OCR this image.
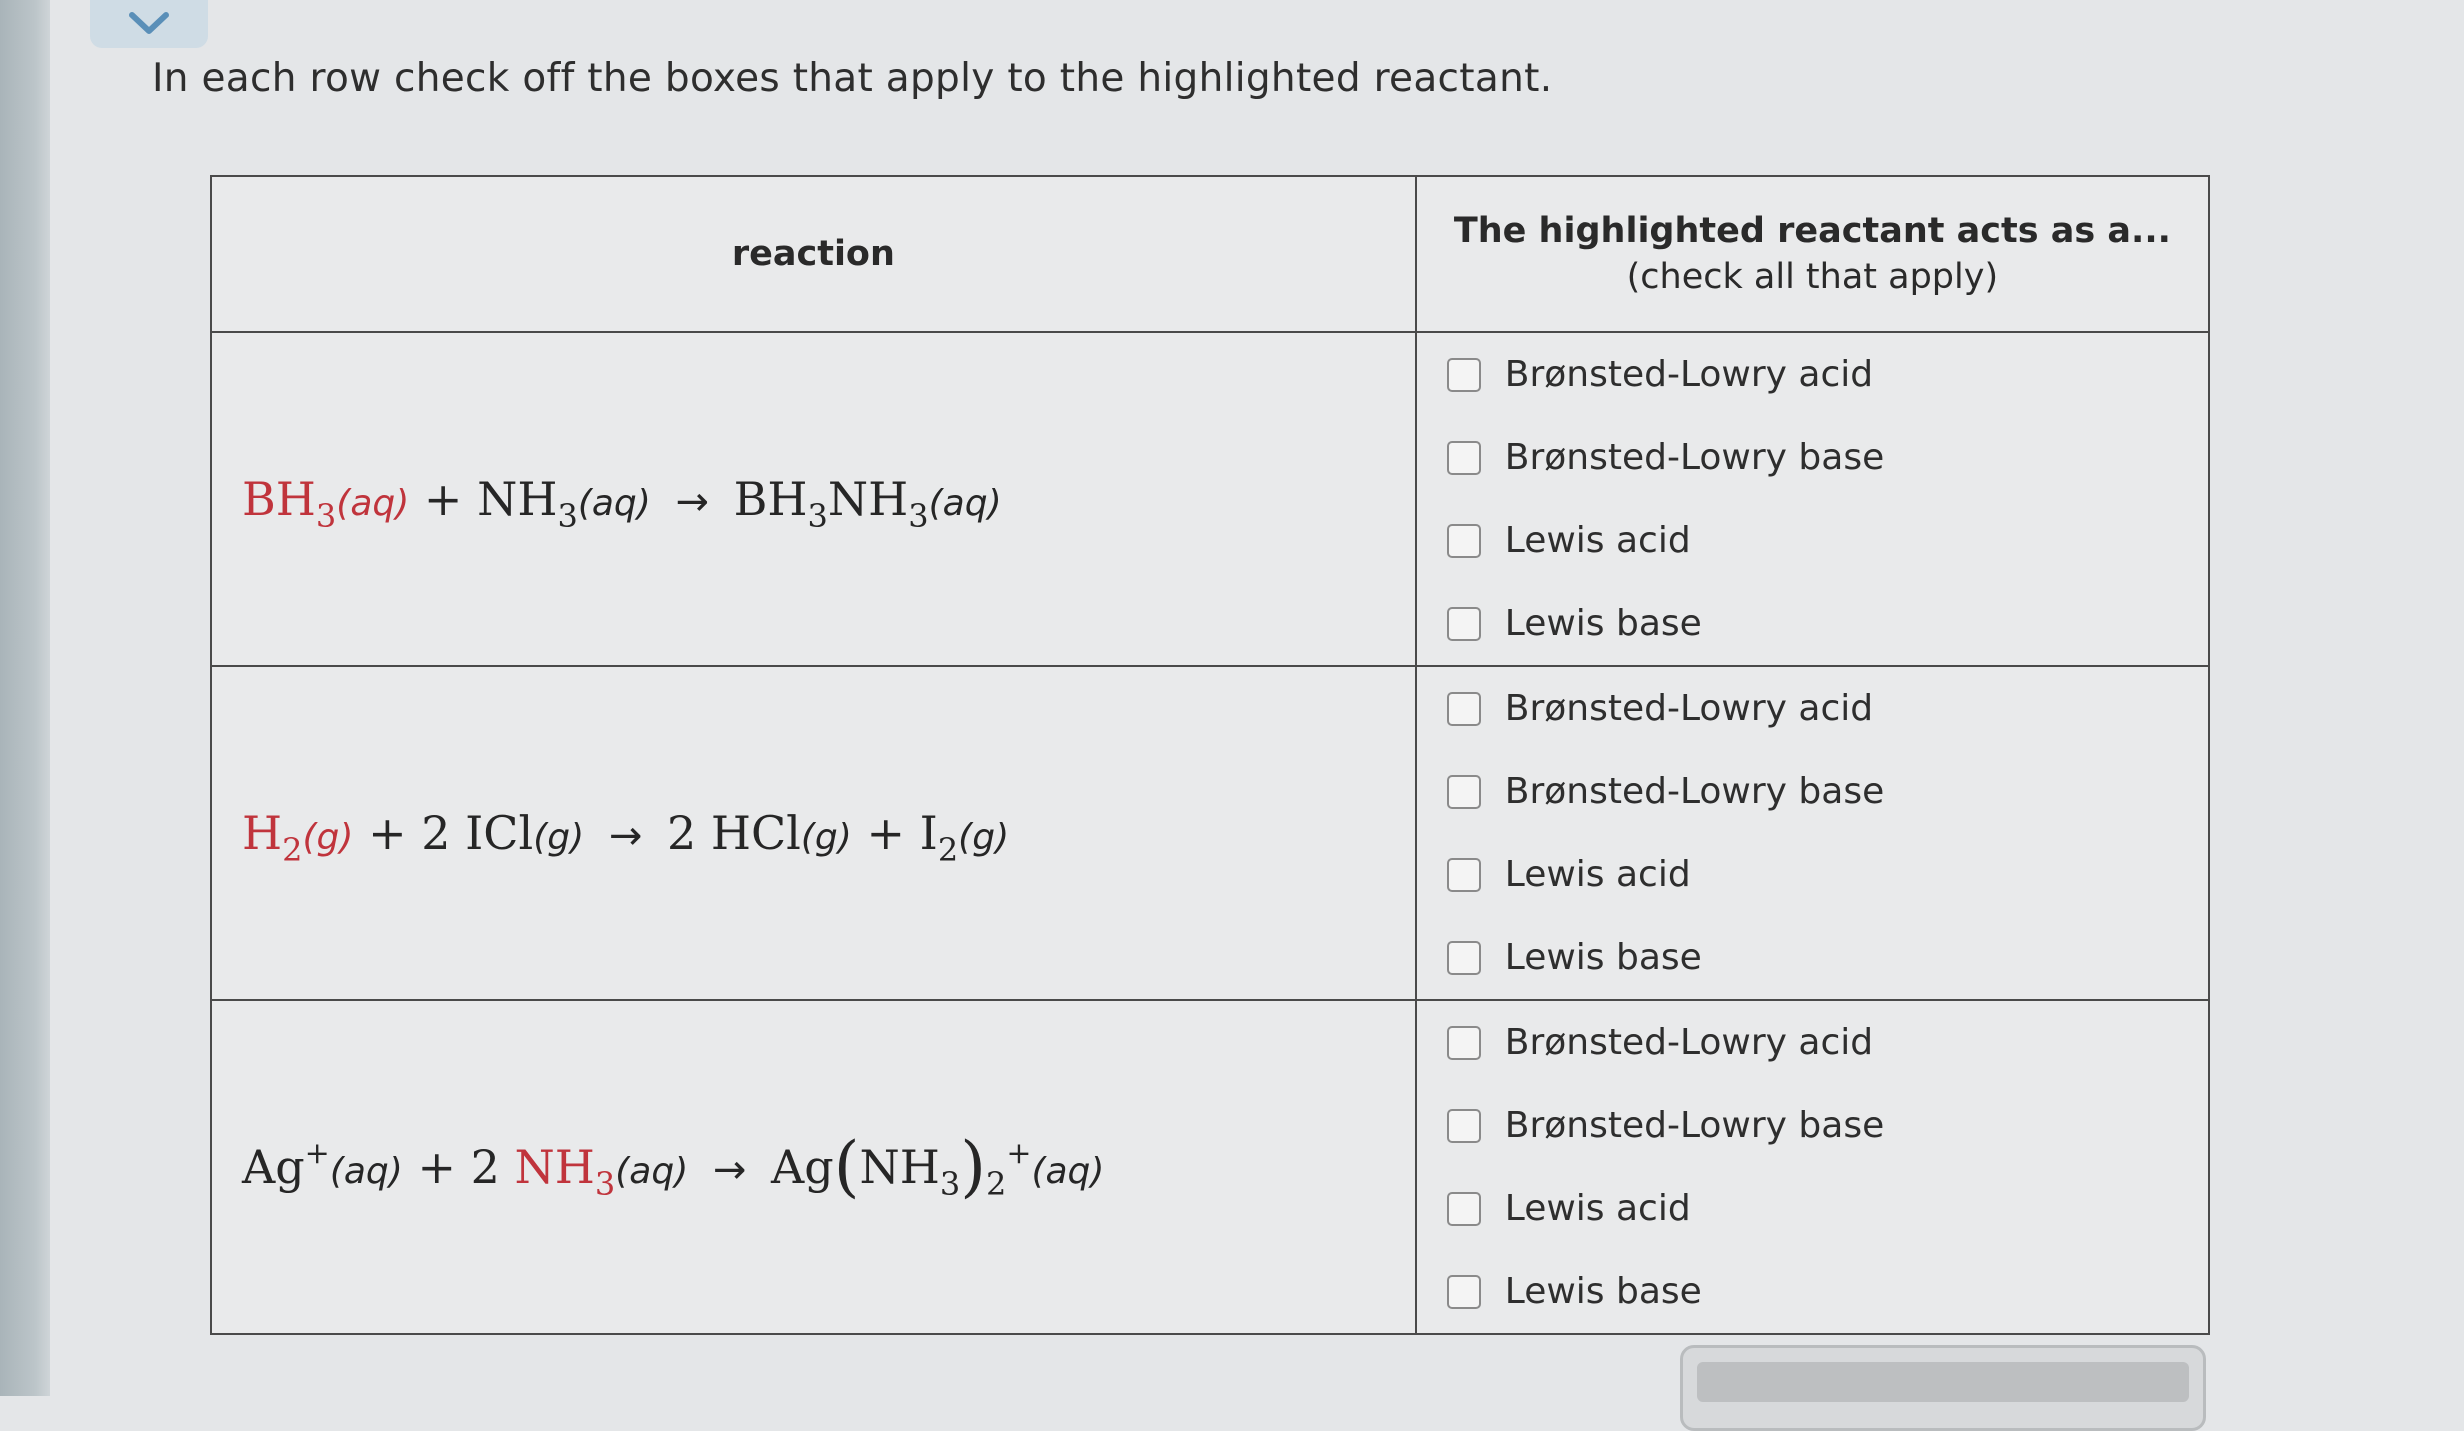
In each row check off the boxes that apply to the highlighted reactant.
reaction	The highlighted reactant acts as a...
(check all that apply)

$BH_3(aq) + NH_3(aq) \to BH_3NH_3(aq)$	Brønsted-Lowry acid
Brønsted-Lowry base
Lewis acid
Lewis base

$H_2(g) + 2$ ICl(g) → 2 $HCl(g) + I_2(g)$	Brønsted-Lowry acid
Brønsted-Lowry base
Lewis acid
Lewis base

Ag+(aq) + 2 $NH_3(aq) \to Ag(NH_3)_2^+(aq)$	Brønsted-Lowry acid
Brønsted-Lowry base
Lewis acid
Lewis base
